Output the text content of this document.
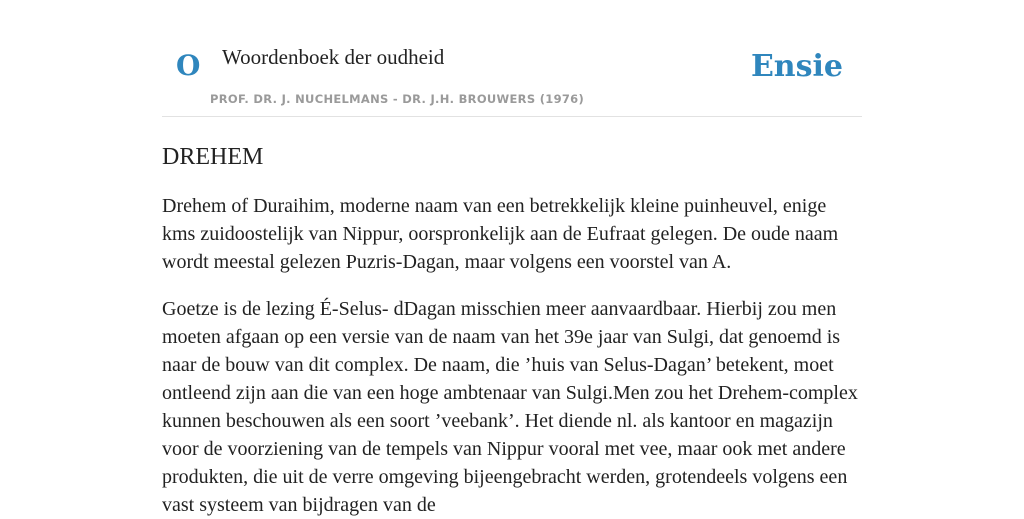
O Woordenboek der oudheid
PROF. DR. J. NUCHELMANS - DR. J.H. BROUWERS (1976)
Ensie
DREHEM

Drehem of Duraihim, moderne naam van een betrekkelijk kleine puinheuvel, enige kms zuidoostelijk van Nippur, oorspronkelijk aan de Eufraat gelegen. De oude naam wordt meestal gelezen Puzris-Dagan, maar volgens een voorstel van A.

Goetze is de lezing É-Selus- dDagan misschien meer aanvaardbaar. Hierbij zou men moeten afgaan op een versie van de naam van het 39e jaar van Sulgi, dat genoemd is naar de bouw van dit complex. De naam, die ’huis van Selus-Dagan’ betekent, moet ontleend zijn aan die van een hoge ambtenaar van Sulgi.Men zou het Drehem-complex kunnen beschouwen als een soort ’veebank’. Het diende nl. als kantoor en magazijn voor de voorziening van de tempels van Nippur vooral met vee, maar ook met andere produkten, die uit de verre omgeving bijeengebracht werden, grotendeels volgens een vast systeem van bijdragen van de
